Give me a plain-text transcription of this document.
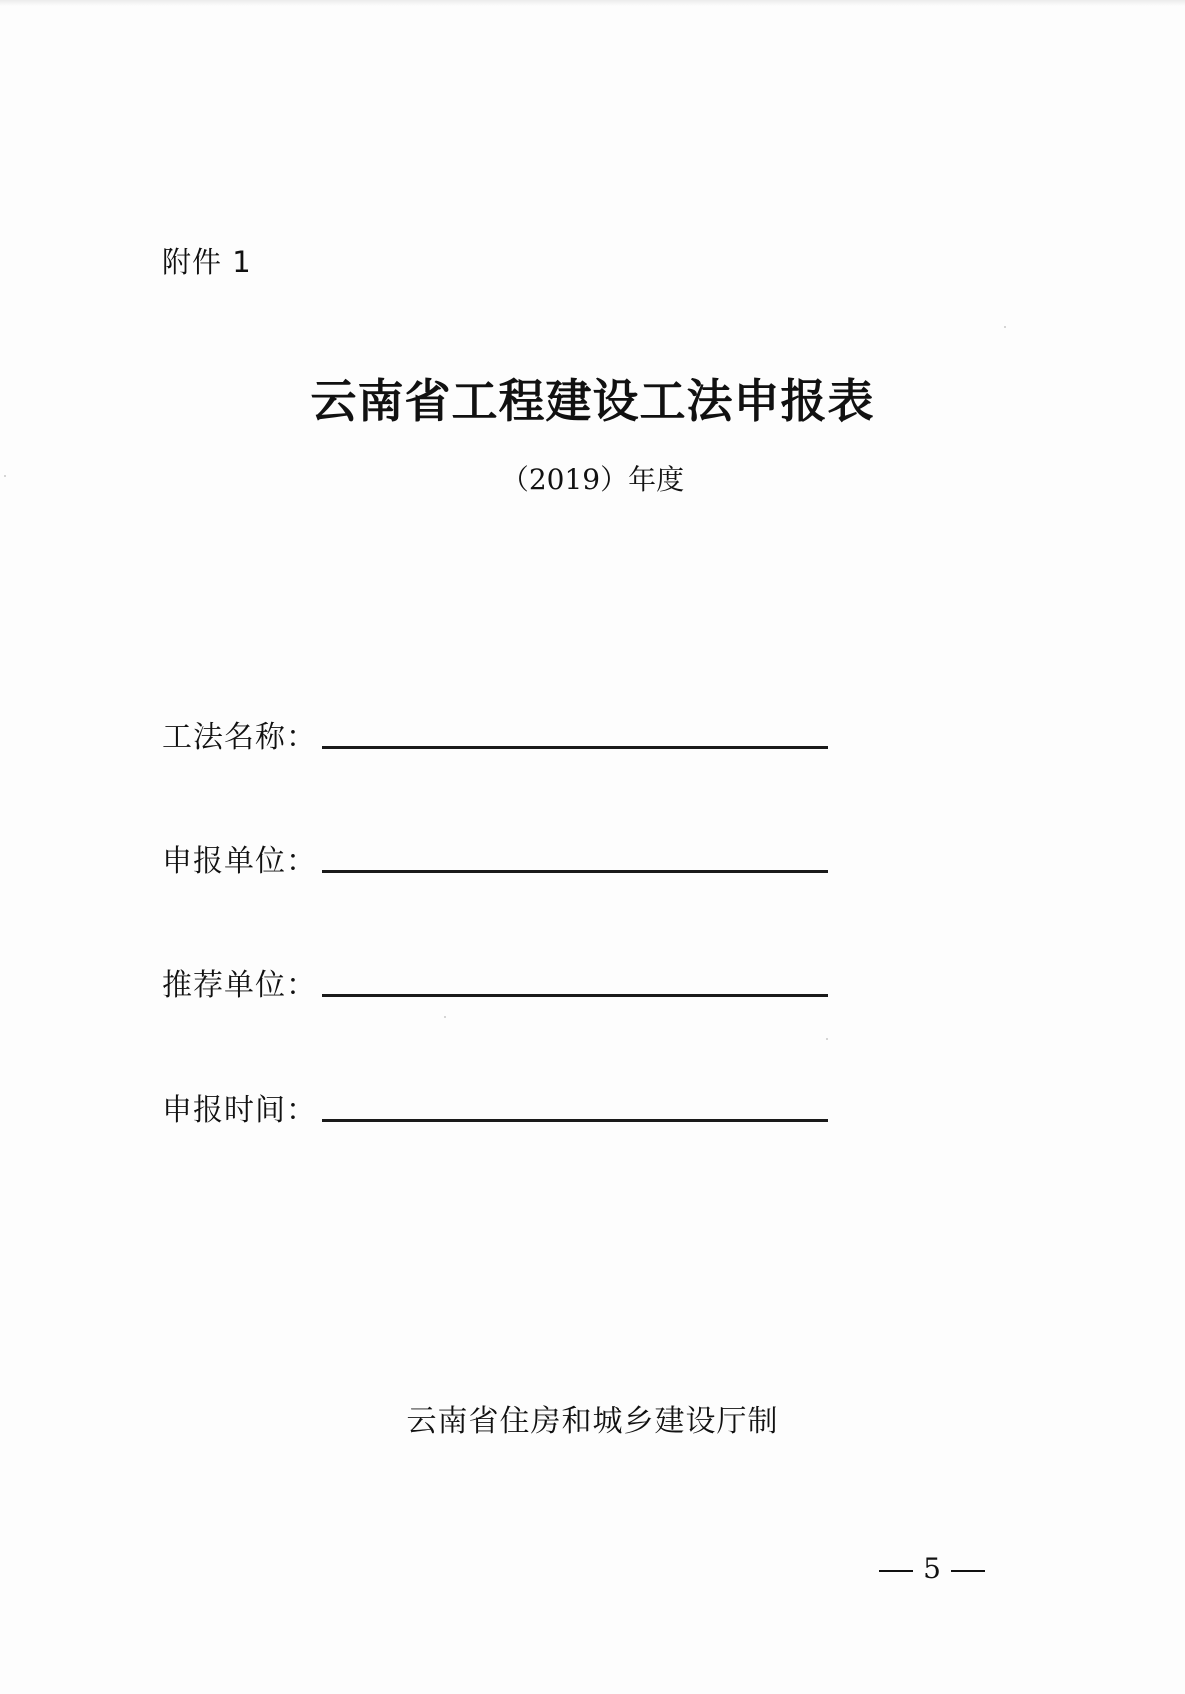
附件 1
云南省工程建设工法申报表
（2019）年度
工法名称：
申报单位：
推荐单位：
申报时间：
云南省住房和城乡建设厅制
5
